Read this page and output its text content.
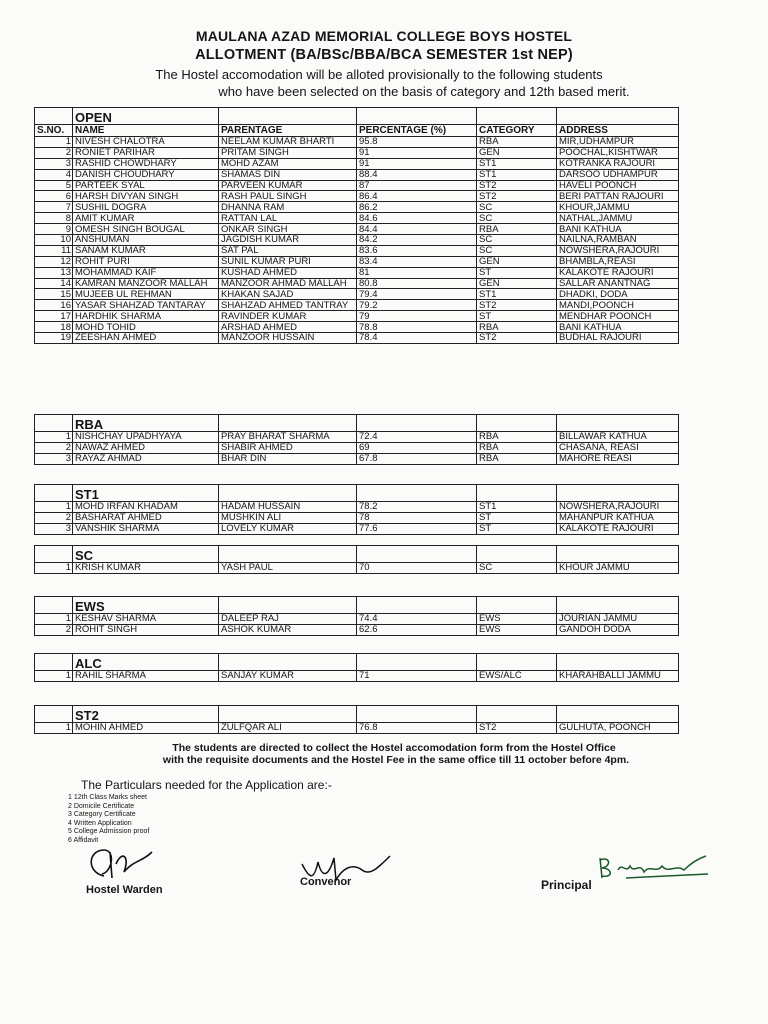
MAULANA AZAD MEMORIAL COLLEGE BOYS HOSTEL
ALLOTMENT (BA/BSc/BBA/BCA SEMESTER 1st NEP)
The Hostel accomodation will be alloted provisionally to the following students
who have been selected on the basis of category and 12th based merit.
	OPEN				
S.NO.	NAME	PARENTAGE	PERCENTAGE (%)	CATEGORY	ADDRESS
1	NIVESH CHALOTRA	NEELAM KUMAR BHARTI	95.8	RBA	MIR,UDHAMPUR
2	RONIET PARIHAR	PRITAM SINGH	91	GEN	POOCHAL,KISHTWAR
3	RASHID CHOWDHARY	MOHD AZAM	91	ST1	KOTRANKA RAJOURI
4	DANISH CHOUDHARY	SHAMAS DIN	88.4	ST1	DARSOO UDHAMPUR
5	PARTEEK SYAL	PARVEEN KUMAR	87	ST2	HAVELI POONCH
6	HARSH DIVYAN SINGH	RASH PAUL SINGH	86.4	ST2	BERI PATTAN RAJOURI
7	SUSHIL DOGRA	DHANNA RAM	86.2	SC	KHOUR,JAMMU
8	AMIT KUMAR	RATTAN LAL	84.6	SC	NATHAL,JAMMU
9	OMESH SINGH BOUGAL	ONKAR SINGH	84.4	RBA	BANI KATHUA
10	ANSHUMAN	JAGDISH KUMAR	84.2	SC	NAILNA,RAMBAN
11	SANAM KUMAR	SAT PAL	83.6	SC	NOWSHERA,RAJOURI
12	ROHIT PURI	SUNIL KUMAR PURI	83.4	GEN	BHAMBLA,REASI
13	MOHAMMAD KAIF	KUSHAD AHMED	81	ST	KALAKOTE RAJOURI
14	KAMRAN MANZOOR MALLAH	MANZOOR AHMAD MALLAH	80.8	GEN	SALLAR ANANTNAG
15	MUJEEB UL REHMAN	KHAKAN SAJAD	79.4	ST1	DHADKI, DODA
16	YASAR SHAHZAD TANTARAY	SHAHZAD AHMED TANTRAY	79.2	ST2	MANDI,POONCH
17	HARDHIK SHARMA	RAVINDER KUMAR	79	ST	MENDHAR POONCH
18	MOHD TOHID	ARSHAD AHMED	78.8	RBA	BANI KATHUA
19	ZEESHAN AHMED	MANZOOR HUSSAIN	78.4	ST2	BUDHAL RAJOURI
	RBA				
1	NISHCHAY UPADHYAYA	PRAY BHARAT SHARMA	72.4	RBA	BILLAWAR KATHUA
2	NAWAZ AHMED	SHABIR AHMED	69	RBA	CHASANA, REASI
3	RAYAZ AHMAD	BHAR DIN	67.8	RBA	MAHORE REASI
	ST1				
1	MOHD IRFAN KHADAM	HADAM HUSSAIN	78.2	ST1	NOWSHERA,RAJOURI
2	BASHARAT AHMED	MUSHKIN ALI	78	ST	MAHANPUR KATHUA
3	VANSHIK SHARMA	LOVELY KUMAR	77.6	ST	KALAKOTE RAJOURI
	SC				
1	KRISH KUMAR	YASH PAUL	70	SC	KHOUR JAMMU
	EWS				
1	KESHAV SHARMA	DALEEP RAJ	74.4	EWS	JOURIAN JAMMU
2	ROHIT SINGH	ASHOK KUMAR	62.6	EWS	GANDOH DODA
	ALC				
1	RAHIL SHARMA	SANJAY KUMAR	71	EWS/ALC	KHARAHBALLI JAMMU
	ST2				
1	MOHIN AHMED	ZULFQAR ALI	76.8	ST2	GULHUTA, POONCH
The students are directed to collect the Hostel accomodation form from the Hostel Office
with the requisite documents and the Hostel Fee in the same office till 11 october before 4pm.
The Particulars needed for the Application are:-
1 12th Class Marks sheet
2 Domicile Certificate
3 Category Certificate
4 Written Application
5 College Admission proof
6 Affidavit
Hostel Warden
Convenor	Principal
